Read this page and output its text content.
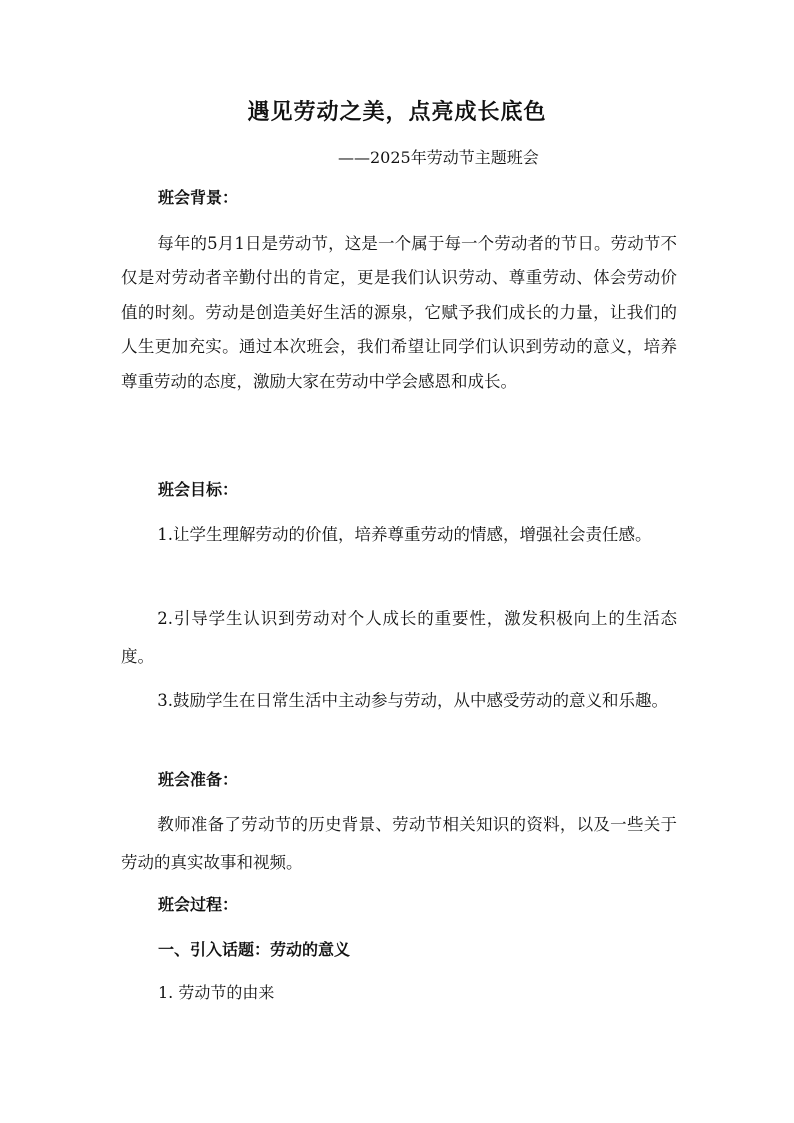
遇见劳动之美，点亮成长底色
——2025年劳动节主题班会
班会背景：

每年的5月1日是劳动节，这是一个属于每一个劳动者的节日。劳动节不仅是对劳动者辛勤付出的肯定，更是我们认识劳动、尊重劳动、体会劳动价值的时刻。劳动是创造美好生活的源泉，它赋予我们成长的力量，让我们的人生更加充实。通过本次班会，我们希望让同学们认识到劳动的意义，培养尊重劳动的态度，激励大家在劳动中学会感恩和成长。

班会目标：

1.让学生理解劳动的价值，培养尊重劳动的情感，增强社会责任感。

2.引导学生认识到劳动对个人成长的重要性，激发积极向上的生活态度。

3.鼓励学生在日常生活中主动参与劳动，从中感受劳动的意义和乐趣。

班会准备：

教师准备了劳动节的历史背景、劳动节相关知识的资料，以及一些关于劳动的真实故事和视频。

班会过程：
一、引入话题：劳动的意义
1. 劳动节的由来
